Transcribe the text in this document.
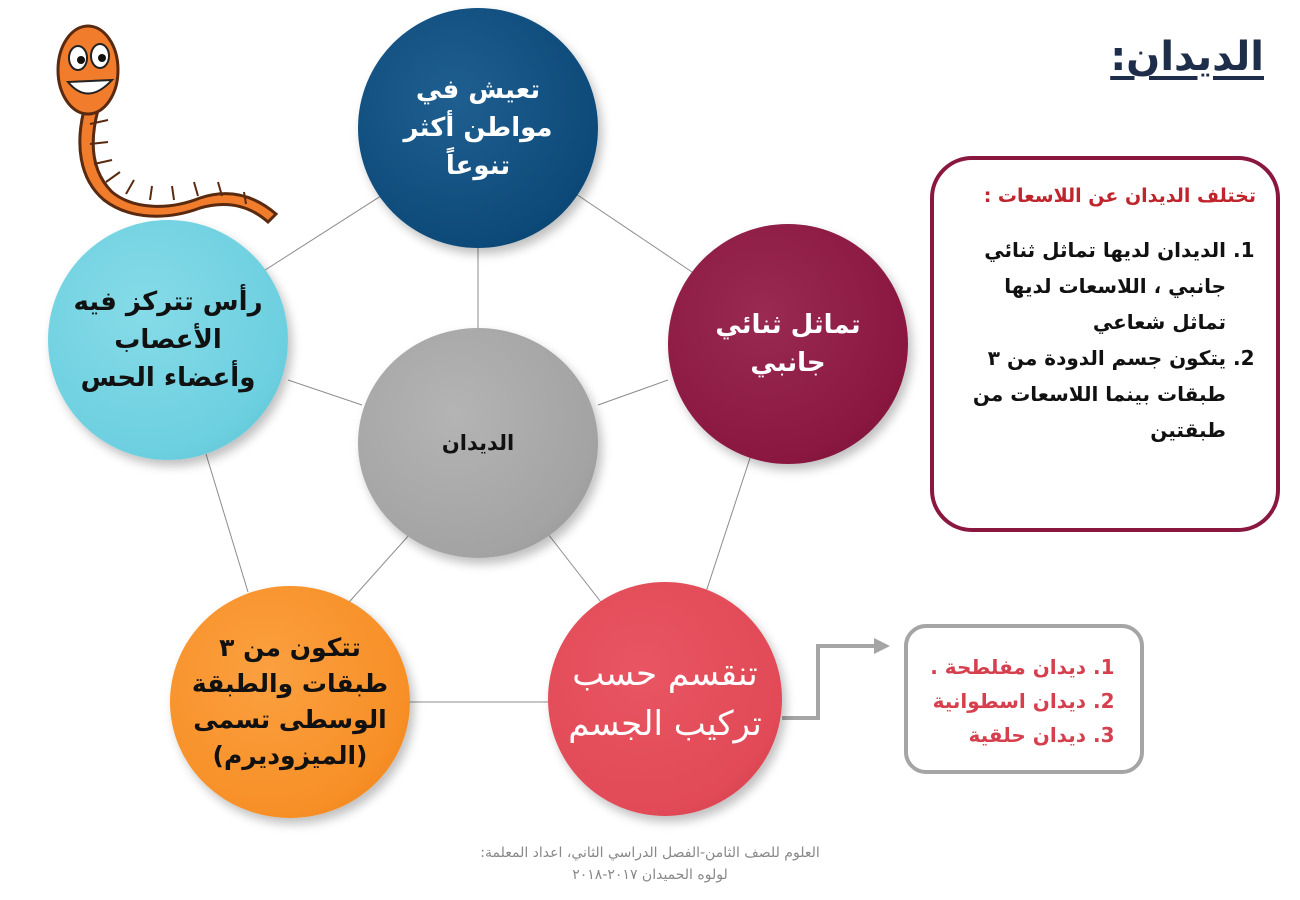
الديدان:
تعيش في مواطن أكثر تنوعاً
تماثل ثنائي جانبي
رأس تتركز فيه الأعصاب وأعضاء الحس
الديدان
تتكون من ٣ طبقات والطبقة الوسطى تسمى (الميزوديرم)
تنقسم حسب تركيب الجسم
تختلف الديدان عن اللاسعات :
1. الديدان لديها تماثل ثنائي جانبي ، اللاسعات لديها تماثل شعاعي
2. يتكون جسم الدودة من ٣ طبقات بينما اللاسعات من طبقتين
1. ديدان مفلطحة .
2. ديدان اسطوانية
3. ديدان حلقية
العلوم للصف الثامن-الفصل الدراسي الثاني، اعداد المعلمة:
لولوه الحميدان ٢٠١٧-٢٠١٨
